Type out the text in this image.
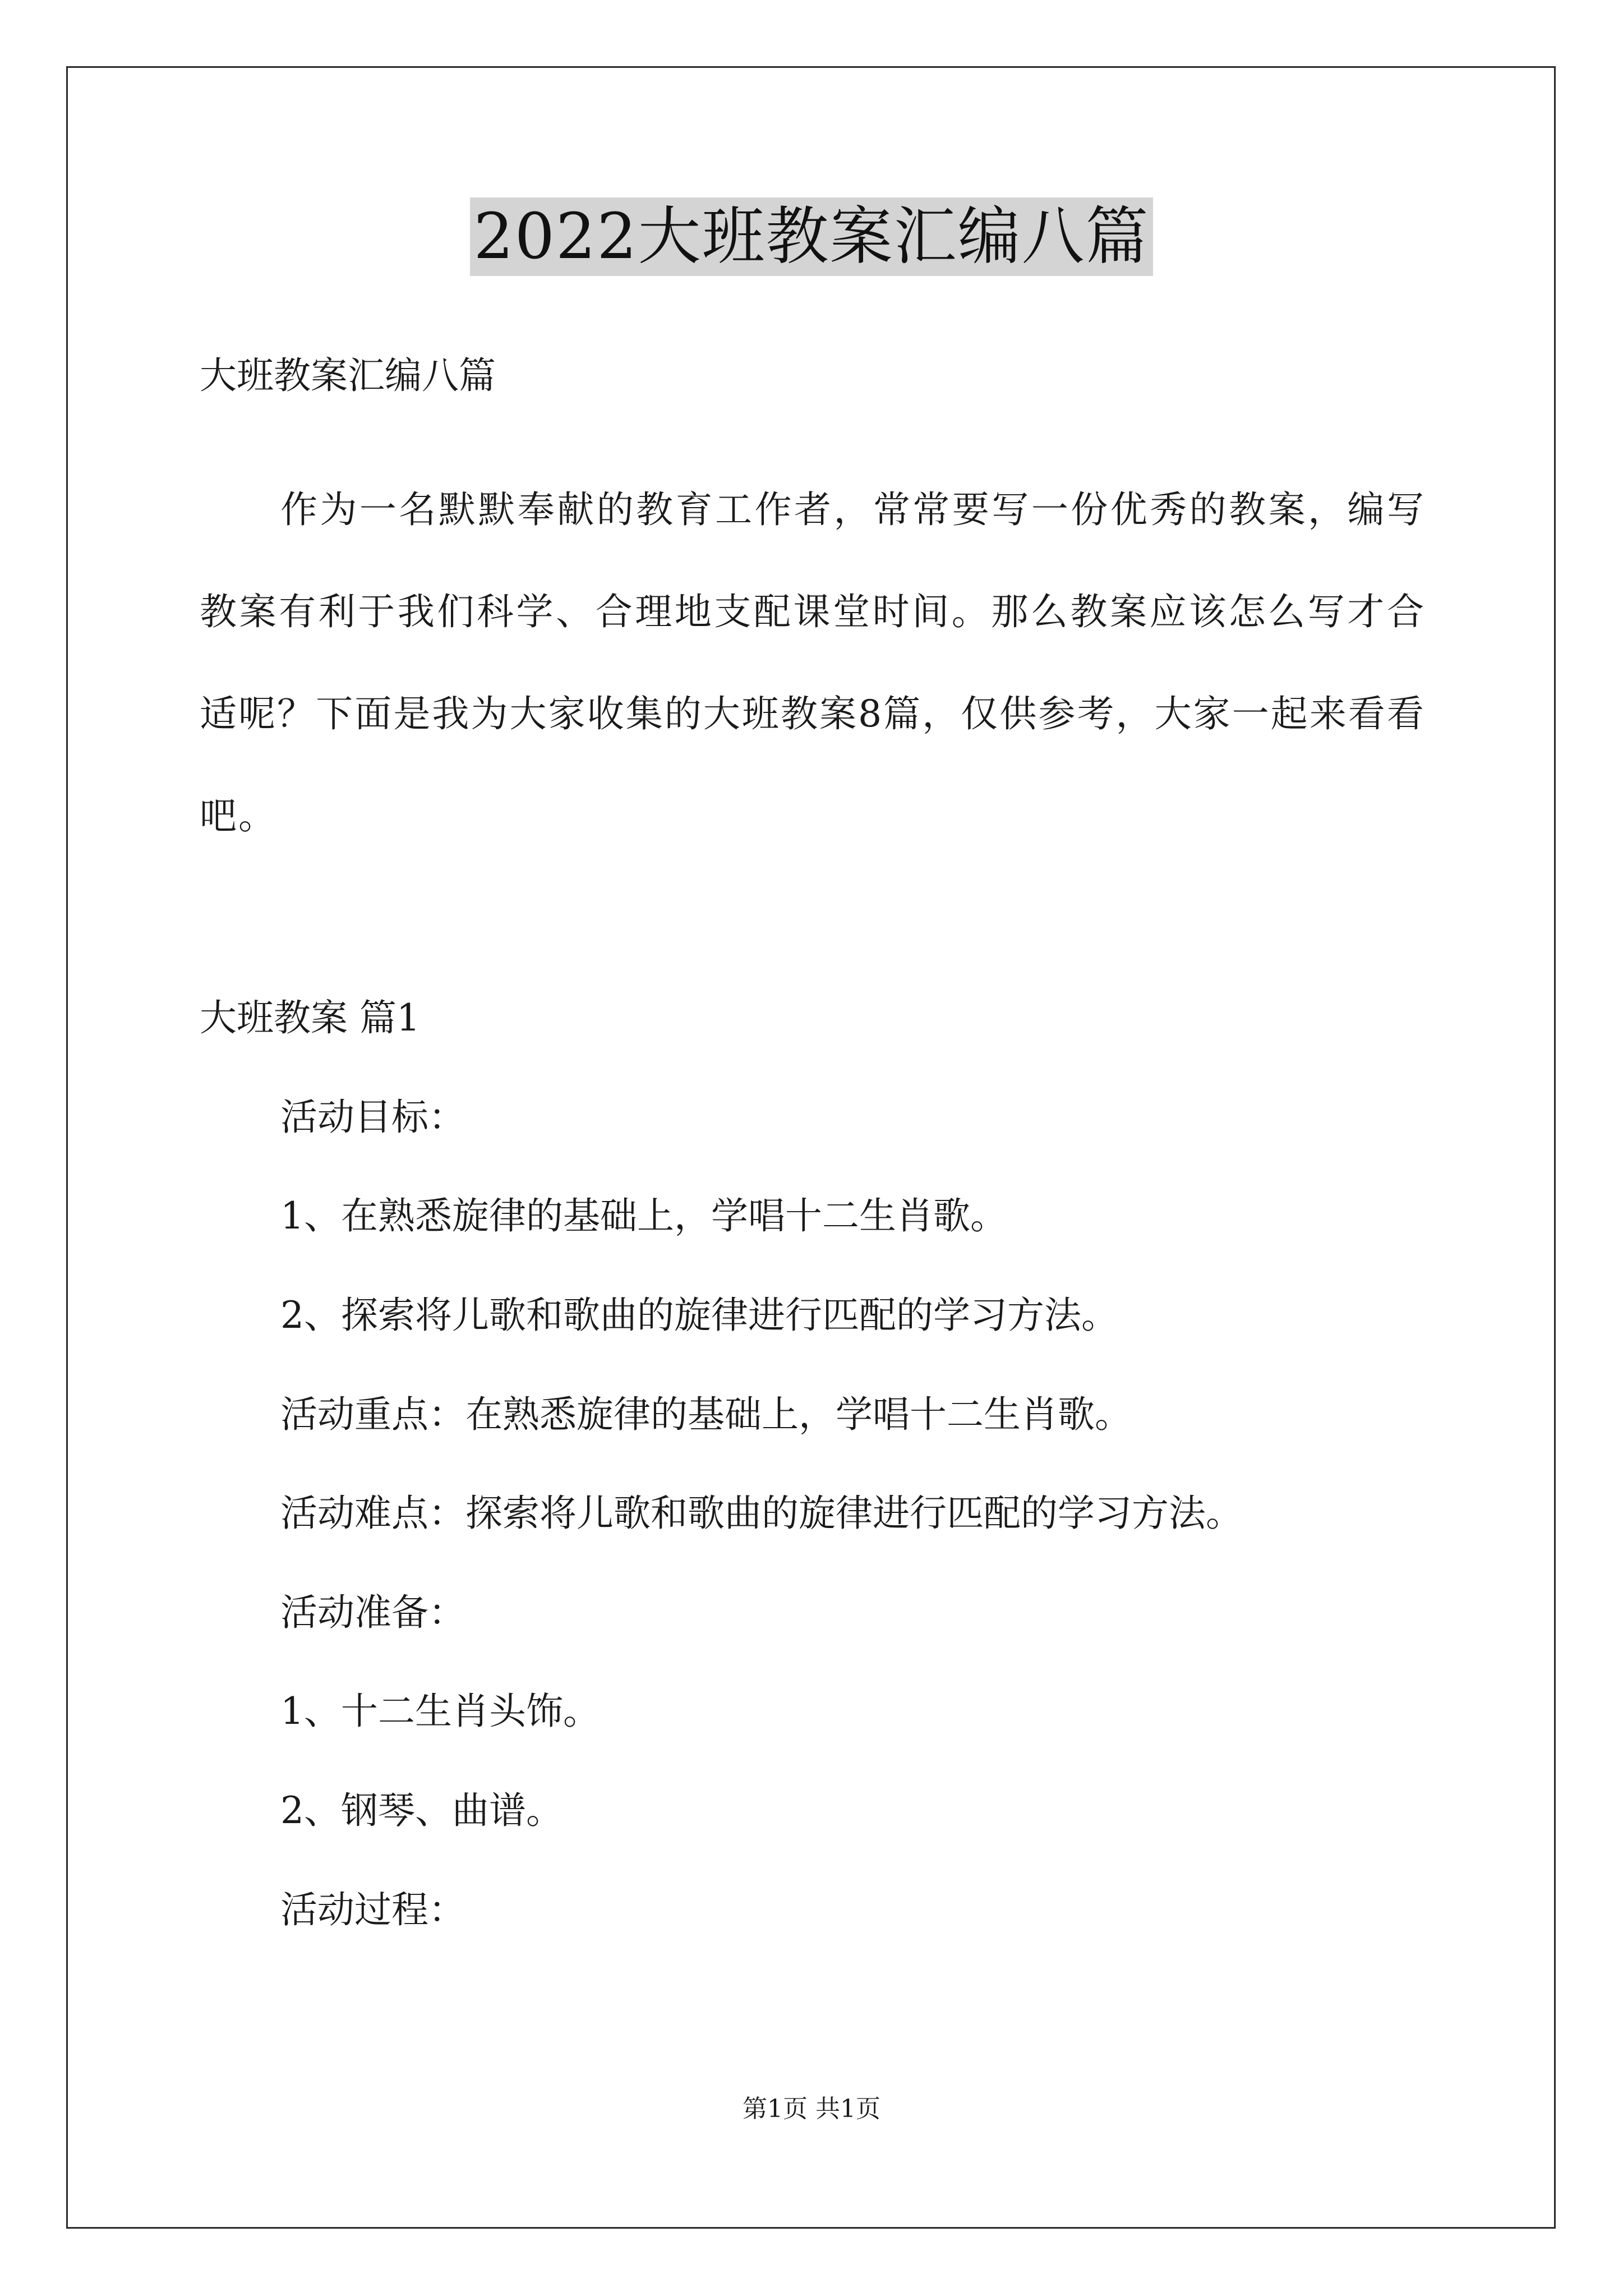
2022大班教案汇编八篇
大班教案汇编八篇
作为一名默默奉献的教育工作者，常常要写一份优秀的教案，编写教案有利于我们科学、合理地支配课堂时间。那么教案应该怎么写才合适呢？下面是我为大家收集的大班教案8篇，仅供参考，大家一起来看看吧。
大班教案 篇1
活动目标：
1、在熟悉旋律的基础上，学唱十二生肖歌。
2、探索将儿歌和歌曲的旋律进行匹配的学习方法。
活动重点：在熟悉旋律的基础上，学唱十二生肖歌。
活动难点：探索将儿歌和歌曲的旋律进行匹配的学习方法。
活动准备：
1、十二生肖头饰。
2、钢琴、曲谱。
活动过程：
第1页 共1页
